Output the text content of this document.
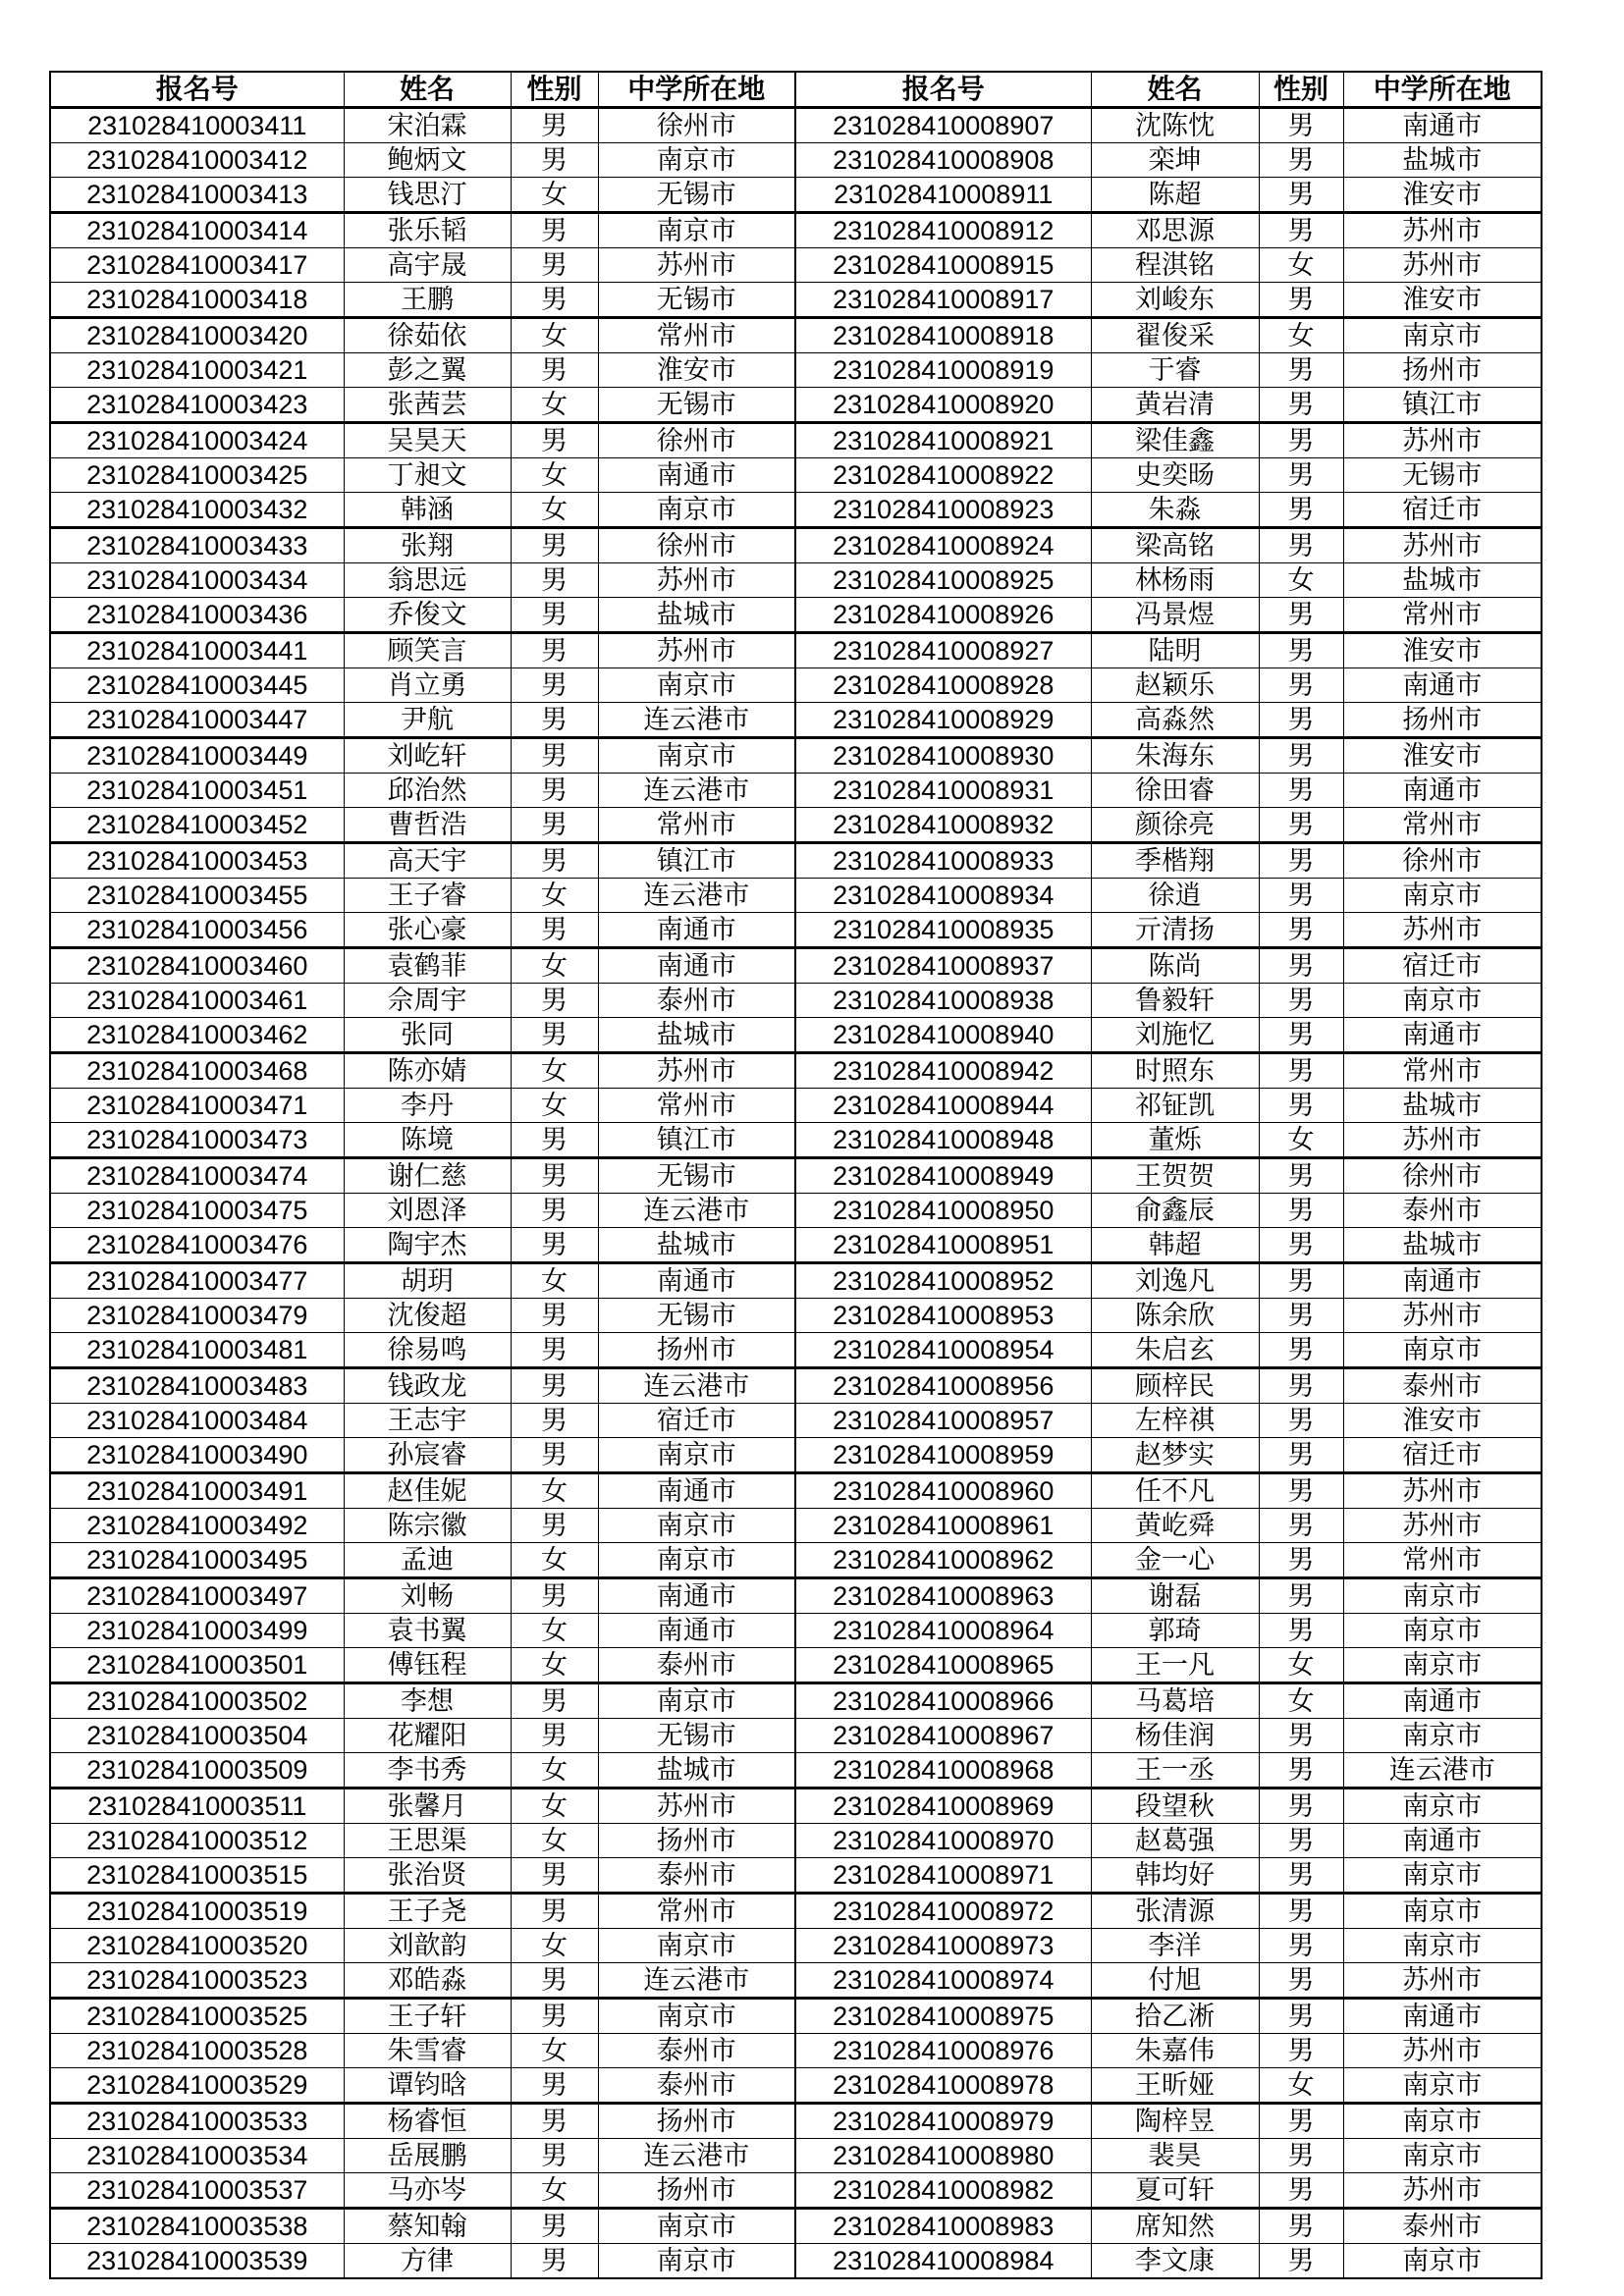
报名号	姓名	性别	中学所在地	报名号	姓名	性别	中学所在地
231028410003411	宋泊霖	男	徐州市	231028410008907	沈陈忱	男	南通市
231028410003412	鲍炳文	男	南京市	231028410008908	栾坤	男	盐城市
231028410003413	钱思汀	女	无锡市	231028410008911	陈超	男	淮安市
231028410003414	张乐韬	男	南京市	231028410008912	邓思源	男	苏州市
231028410003417	高宇晟	男	苏州市	231028410008915	程淇铭	女	苏州市
231028410003418	王鹏	男	无锡市	231028410008917	刘峻东	男	淮安市
231028410003420	徐茹依	女	常州市	231028410008918	翟俊采	女	南京市
231028410003421	彭之翼	男	淮安市	231028410008919	于睿	男	扬州市
231028410003423	张茜芸	女	无锡市	231028410008920	黄岩清	男	镇江市
231028410003424	吴昊天	男	徐州市	231028410008921	梁佳鑫	男	苏州市
231028410003425	丁昶文	女	南通市	231028410008922	史奕旸	男	无锡市
231028410003432	韩涵	女	南京市	231028410008923	朱淼	男	宿迁市
231028410003433	张翔	男	徐州市	231028410008924	梁高铭	男	苏州市
231028410003434	翁思远	男	苏州市	231028410008925	林杨雨	女	盐城市
231028410003436	乔俊文	男	盐城市	231028410008926	冯景煜	男	常州市
231028410003441	顾笑言	男	苏州市	231028410008927	陆明	男	淮安市
231028410003445	肖立勇	男	南京市	231028410008928	赵颖乐	男	南通市
231028410003447	尹航	男	连云港市	231028410008929	高淼然	男	扬州市
231028410003449	刘屹轩	男	南京市	231028410008930	朱海东	男	淮安市
231028410003451	邱治然	男	连云港市	231028410008931	徐田睿	男	南通市
231028410003452	曹哲浩	男	常州市	231028410008932	颜徐亮	男	常州市
231028410003453	高天宇	男	镇江市	231028410008933	季楷翔	男	徐州市
231028410003455	王子睿	女	连云港市	231028410008934	徐逍	男	南京市
231028410003456	张心豪	男	南通市	231028410008935	亓清扬	男	苏州市
231028410003460	袁鹤菲	女	南通市	231028410008937	陈尚	男	宿迁市
231028410003461	佘周宇	男	泰州市	231028410008938	鲁毅轩	男	南京市
231028410003462	张同	男	盐城市	231028410008940	刘施忆	男	南通市
231028410003468	陈亦婧	女	苏州市	231028410008942	时照东	男	常州市
231028410003471	李丹	女	常州市	231028410008944	祁钲凯	男	盐城市
231028410003473	陈境	男	镇江市	231028410008948	董烁	女	苏州市
231028410003474	谢仁慈	男	无锡市	231028410008949	王贺贺	男	徐州市
231028410003475	刘恩泽	男	连云港市	231028410008950	俞鑫辰	男	泰州市
231028410003476	陶宇杰	男	盐城市	231028410008951	韩超	男	盐城市
231028410003477	胡玥	女	南通市	231028410008952	刘逸凡	男	南通市
231028410003479	沈俊超	男	无锡市	231028410008953	陈余欣	男	苏州市
231028410003481	徐易鸣	男	扬州市	231028410008954	朱启玄	男	南京市
231028410003483	钱政龙	男	连云港市	231028410008956	顾梓民	男	泰州市
231028410003484	王志宇	男	宿迁市	231028410008957	左梓祺	男	淮安市
231028410003490	孙宸睿	男	南京市	231028410008959	赵梦实	男	宿迁市
231028410003491	赵佳妮	女	南通市	231028410008960	任不凡	男	苏州市
231028410003492	陈宗徽	男	南京市	231028410008961	黄屹舜	男	苏州市
231028410003495	孟迪	女	南京市	231028410008962	金一心	男	常州市
231028410003497	刘畅	男	南通市	231028410008963	谢磊	男	南京市
231028410003499	袁书翼	女	南通市	231028410008964	郭琦	男	南京市
231028410003501	傅钰程	女	泰州市	231028410008965	王一凡	女	南京市
231028410003502	李想	男	南京市	231028410008966	马葛培	女	南通市
231028410003504	花耀阳	男	无锡市	231028410008967	杨佳润	男	南京市
231028410003509	李书秀	女	盐城市	231028410008968	王一丞	男	连云港市
231028410003511	张馨月	女	苏州市	231028410008969	段望秋	男	南京市
231028410003512	王思渠	女	扬州市	231028410008970	赵葛强	男	南通市
231028410003515	张治贤	男	泰州市	231028410008971	韩均好	男	南京市
231028410003519	王子尧	男	常州市	231028410008972	张清源	男	南京市
231028410003520	刘歆韵	女	南京市	231028410008973	李洋	男	南京市
231028410003523	邓皓淼	男	连云港市	231028410008974	付旭	男	苏州市
231028410003525	王子轩	男	南京市	231028410008975	拾乙淅	男	南通市
231028410003528	朱雪睿	女	泰州市	231028410008976	朱嘉伟	男	苏州市
231028410003529	谭钧晗	男	泰州市	231028410008978	王昕娅	女	南京市
231028410003533	杨睿恒	男	扬州市	231028410008979	陶梓昱	男	南京市
231028410003534	岳展鹏	男	连云港市	231028410008980	裴昊	男	南京市
231028410003537	马亦岑	女	扬州市	231028410008982	夏可轩	男	苏州市
231028410003538	蔡知翰	男	南京市	231028410008983	席知然	男	泰州市
231028410003539	方律	男	南京市	231028410008984	李文康	男	南京市
